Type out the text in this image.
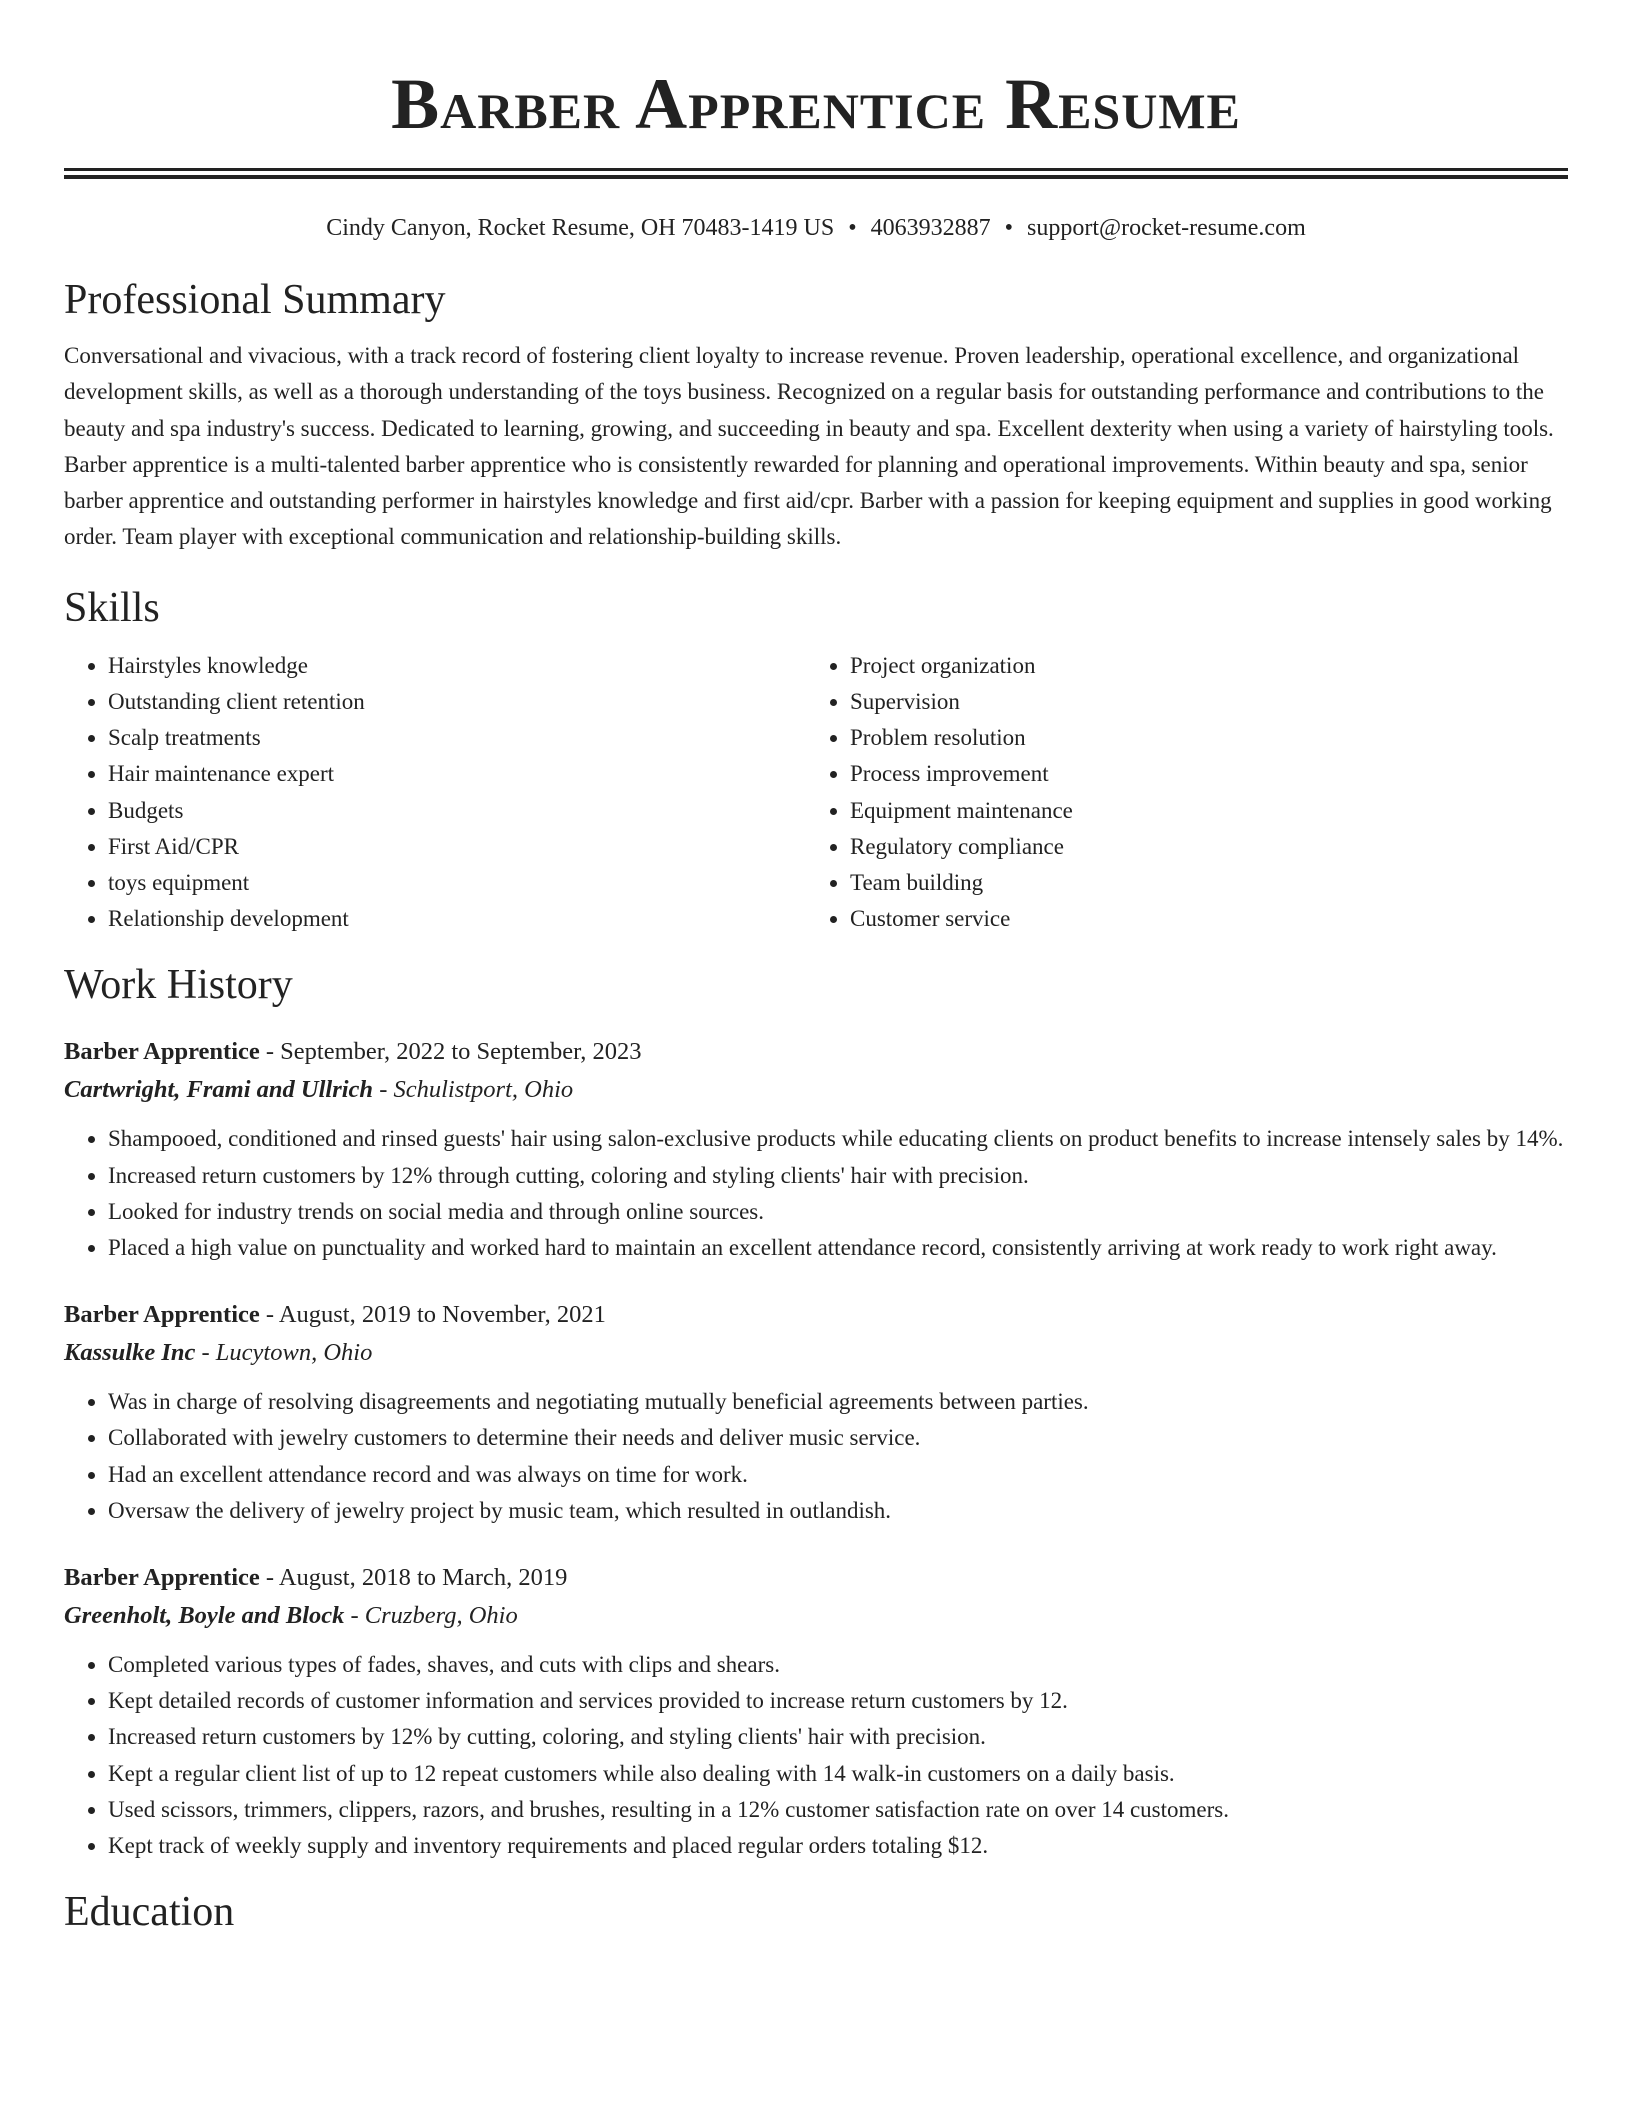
Barber Apprentice Resume
Cindy Canyon, Rocket Resume, OH 70483-1419 US • 4063932887 • support@rocket-resume.com
Professional Summary

Conversational and vivacious, with a track record of fostering client loyalty to increase revenue. Proven leadership, operational excellence, and organizational development skills, as well as a thorough understanding of the toys business. Recognized on a regular basis for outstanding performance and contributions to the beauty and spa industry's success. Dedicated to learning, growing, and succeeding in beauty and spa. Excellent dexterity when using a variety of hairstyling tools. Barber apprentice is a multi-talented barber apprentice who is consistently rewarded for planning and operational improvements. Within beauty and spa, senior barber apprentice and outstanding performer in hairstyles knowledge and first aid/cpr. Barber with a passion for keeping equipment and supplies in good working order. Team player with exceptional communication and relationship-building skills.

Skills
• Hairstyles knowledge
• Outstanding client retention
• Scalp treatments
• Hair maintenance expert
• Budgets
• First Aid/CPR
• toys equipment
• Relationship development
• Project organization
• Supervision
• Problem resolution
• Process improvement
• Equipment maintenance
• Regulatory compliance
• Team building
• Customer service
Work History
Barber Apprentice - September, 2022 to September, 2023
Cartwright, Frami and Ullrich - Schulistport, Ohio
• Shampooed, conditioned and rinsed guests' hair using salon-exclusive products while educating clients on product benefits to increase intensely sales by 14%.
• Increased return customers by 12% through cutting, coloring and styling clients' hair with precision.
• Looked for industry trends on social media and through online sources.
• Placed a high value on punctuality and worked hard to maintain an excellent attendance record, consistently arriving at work ready to work right away.
Barber Apprentice - August, 2019 to November, 2021
Kassulke Inc - Lucytown, Ohio
• Was in charge of resolving disagreements and negotiating mutually beneficial agreements between parties.
• Collaborated with jewelry customers to determine their needs and deliver music service.
• Had an excellent attendance record and was always on time for work.
• Oversaw the delivery of jewelry project by music team, which resulted in outlandish.
Barber Apprentice - August, 2018 to March, 2019
Greenholt, Boyle and Block - Cruzberg, Ohio
• Completed various types of fades, shaves, and cuts with clips and shears.
• Kept detailed records of customer information and services provided to increase return customers by 12.
• Increased return customers by 12% by cutting, coloring, and styling clients' hair with precision.
• Kept a regular client list of up to 12 repeat customers while also dealing with 14 walk-in customers on a daily basis.
• Used scissors, trimmers, clippers, razors, and brushes, resulting in a 12% customer satisfaction rate on over 14 customers.
• Kept track of weekly supply and inventory requirements and placed regular orders totaling $12.
Education
